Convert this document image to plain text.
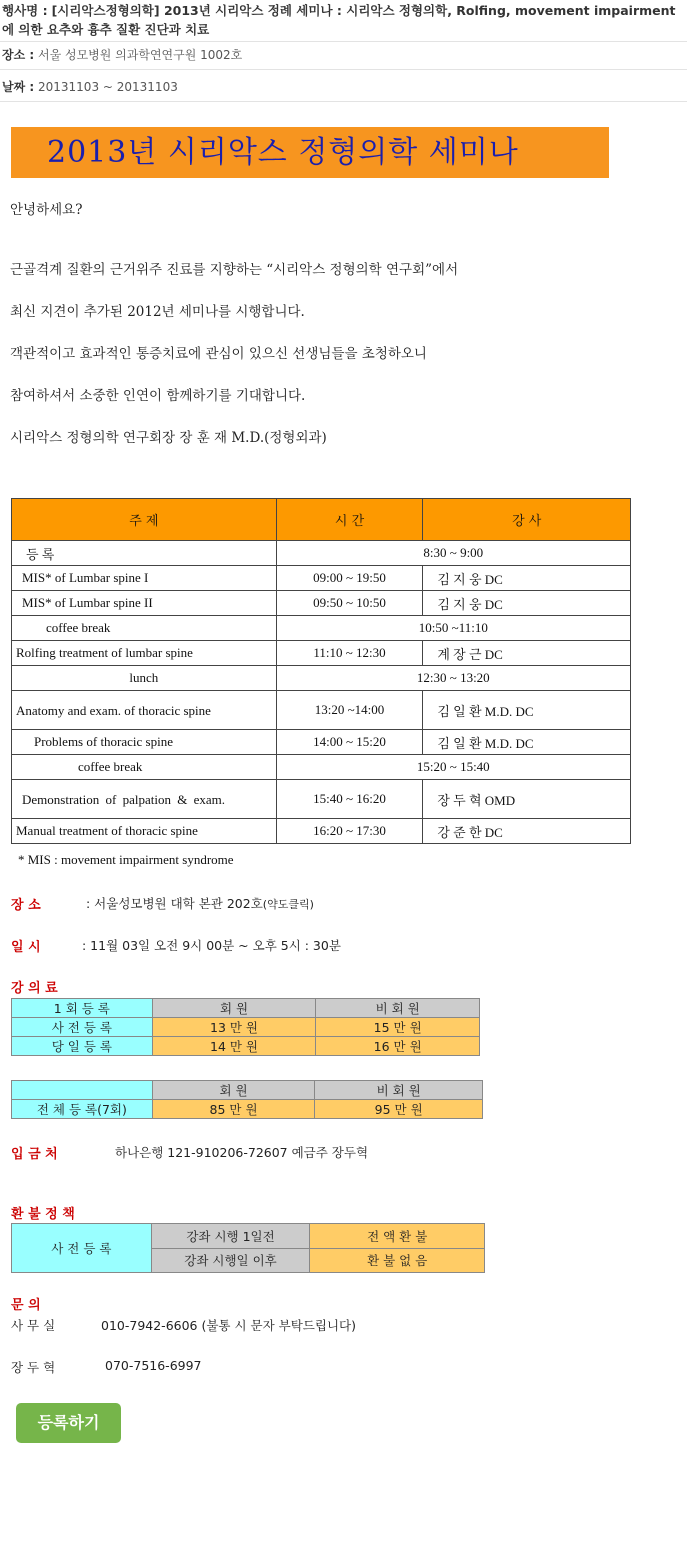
행사명 : [시리악스정형의학] 2013년 시리악스 정례 세미나 : 시리악스 정형의학, Rolfing, movement impairment 에 의한 요추와 흉추 질환 진단과 치료
장소 : 서울 성모병원 의과학연연구원 1002호
날짜 : 20131103 ~ 20131103
2013년 시리악스 정형의학 세미나
안녕하세요?
근골격계 질환의 근거위주 진료를 지향하는 “시리악스 정형의학 연구회”에서
최신 지견이 추가된 2012년 세미나를 시행합니다.
객관적이고 효과적인 통증치료에 관심이 있으신 선생님들을 초청하오니
참여하셔서 소중한 인연이 함께하기를 기대합니다.
시리악스 정형의학 연구회장 장 훈 재 M.D.(정형외과)
주 제	시 간	강 사
등 록	8:30 ~ 9:00	
MIS* of Lumbar spine I	09:00 ~ 19:50	김 지 웅 DC
MIS* of Lumbar spine II	09:50 ~ 10:50	김 지 웅 DC
coffee break	10:50 ~11:10	
Rolfing treatment of lumbar spine	11:10 ~ 12:30	계 장 근 DC
lunch	12:30 ~ 13:20	
Anatomy and exam. of thoracic spine	13:20 ~14:00	김 일 환 M.D. DC
Problems of thoracic spine	14:00 ~ 15:20	김 일 환 M.D. DC
coffee break	15:20 ~ 15:40	
Demonstration of palpation & exam.	15:40 ~ 16:20	장 두 혁 OMD
Manual treatment of thoracic spine	16:20 ~ 17:30	강 준 한 DC
* MIS : movement impairment syndrome
장 소	: 서울성모병원 대학 본관 202호(약도클릭)
일 시	: 11월 03일 오전 9시 00분 ~ 오후 5시 : 30분
강 의 료
1 회 등 록	회 원	비 회 원
사 전 등 록	13 만 원	15 만 원
당 일 등 록	14 만 원	16 만 원
	회 원	비 회 원
전 체 등 록(7회)	85 만 원	95 만 원
입 금 처	하나은행 121-910206-72607 예금주 장두혁
환 불 정 책
사 전 등 록	강좌 시행 1일전	전 액 환 불
	강좌 시행일 이후	환 불 없 음
문 의
사 무 실	010-7942-6606 (불통 시 문자 부탁드립니다)
장 두 혁	070-7516-6997
등록하기
